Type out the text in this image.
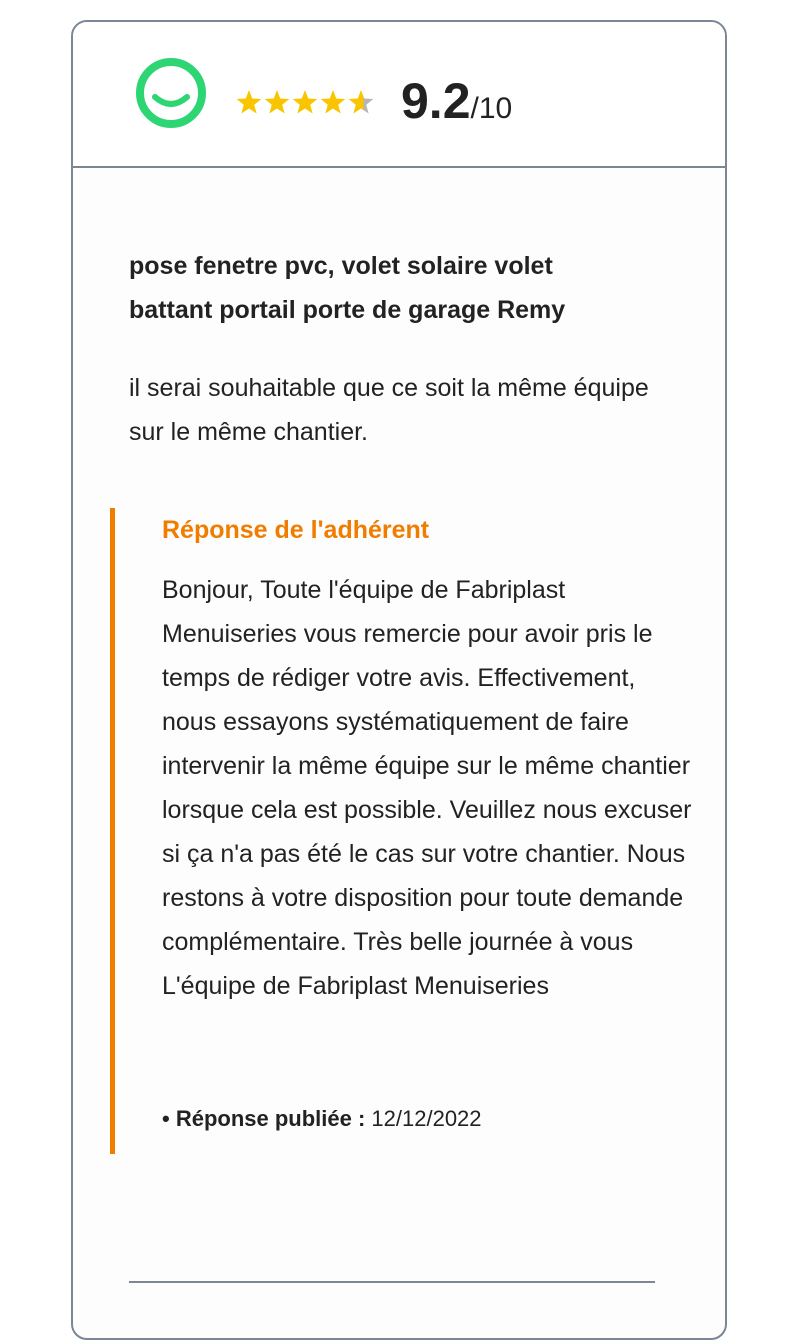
9.2/10
pose fenetre pvc, volet solaire volet battant portail porte de garage Remy
il serai souhaitable que ce soit la même équipe sur le même chantier.
Réponse de l'adhérent
Bonjour, Toute l'équipe de Fabriplast Menuiseries vous remercie pour avoir pris le temps de rédiger votre avis. Effectivement, nous essayons systématiquement de faire intervenir la même équipe sur le même chantier lorsque cela est possible. Veuillez nous excuser si ça n'a pas été le cas sur votre chantier. Nous restons à votre disposition pour toute demande complémentaire. Très belle journée à vous L'équipe de Fabriplast Menuiseries
• Réponse publiée : 12/12/2022
